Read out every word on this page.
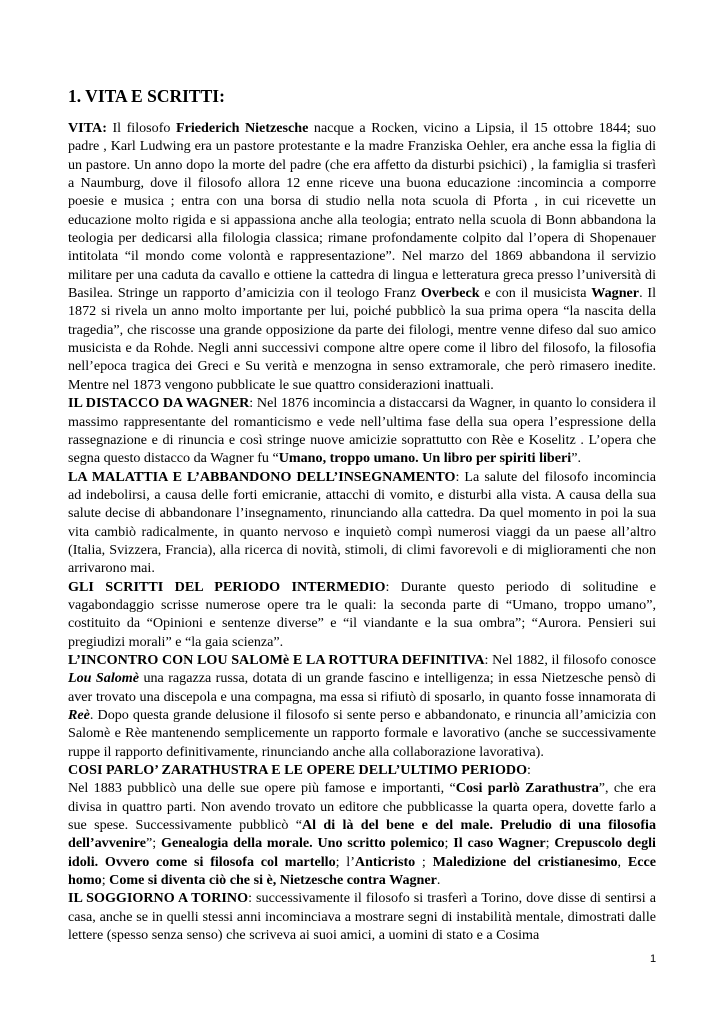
1. VITA E SCRITTI:

VITA: Il filosofo Friederich Nietzesche nacque a Rocken, vicino a Lipsia, il 15 ottobre 1844; suo padre , Karl Ludwing era un pastore protestante e la madre Franziska Oehler, era anche essa la figlia di un pastore. Un anno dopo la morte del padre (che era affetto da disturbi psichici) , la famiglia si trasferì a Naumburg, dove il filosofo allora 12 enne riceve una buona educazione :incomincia a comporre poesie e musica ; entra con una borsa di studio nella nota scuola di Pforta , in cui ricevette un educazione molto rigida e si appassiona anche alla teologia; entrato nella scuola di Bonn abbandona la teologia per dedicarsi alla filologia classica; rimane profondamente colpito dal l’opera di Shopenauer intitolata “il mondo come volontà e rappresentazione”. Nel marzo del 1869 abbandona il servizio militare per una caduta da cavallo e ottiene la cattedra di lingua e letteratura greca presso l’università di Basilea. Stringe un rapporto d’amicizia con il teologo Franz Overbeck e con il musicista Wagner. Il 1872 si rivela un anno molto importante per lui, poiché pubblicò la sua prima opera “la nascita della tragedia”, che riscosse una grande opposizione da parte dei filologi, mentre venne difeso dal suo amico musicista e da Rohde. Negli anni successivi compone altre opere come il libro del filosofo, la filosofia nell’epoca tragica dei Greci e Su verità e menzogna in senso extramorale, che però rimasero inedite. Mentre nel 1873 vengono pubblicate le sue quattro considerazioni inattuali.

IL DISTACCO DA WAGNER: Nel 1876 incomincia a distaccarsi da Wagner, in quanto lo considera il massimo rappresentante del romanticismo e vede nell’ultima fase della sua opera l’espressione della rassegnazione e di rinuncia e così stringe nuove amicizie soprattutto con Rèe e Koselitz . L’opera che segna questo distacco da Wagner fu “Umano, troppo umano. Un libro per spiriti liberi”.

LA MALATTIA E L’ABBANDONO DELL’INSEGNAMENTO: La salute del filosofo incomincia ad indebolirsi, a causa delle forti emicranie, attacchi di vomito, e disturbi alla vista. A causa della sua salute decise di abbandonare l’insegnamento, rinunciando alla cattedra. Da quel momento in poi la sua vita cambiò radicalmente, in quanto nervoso e inquietò compì numerosi viaggi da un paese all’altro (Italia, Svizzera, Francia), alla ricerca di novità, stimoli, di climi favorevoli e di miglioramenti che non arrivarono mai.

GLI SCRITTI DEL PERIODO INTERMEDIO: Durante questo periodo di solitudine e vagabondaggio scrisse numerose opere tra le quali: la seconda parte di “Umano, troppo umano”, costituito da “Opinioni e sentenze diverse” e “il viandante e la sua ombra”; “Aurora. Pensieri sui pregiudizi morali” e “la gaia scienza”.

L’INCONTRO CON LOU SALOMè E LA ROTTURA DEFINITIVA: Nel 1882, il filosofo conosce Lou Salomè una ragazza russa, dotata di un grande fascino e intelligenza; in essa Nietzesche pensò di aver trovato una discepola e una compagna, ma essa si rifiutò di sposarlo, in quanto fosse innamorata di Reè. Dopo questa grande delusione il filosofo si sente perso e abbandonato, e rinuncia all’amicizia con Salomè e Rèe mantenendo semplicemente un rapporto formale e lavorativo (anche se successivamente ruppe il rapporto definitivamente, rinunciando anche alla collaborazione lavorativa).

COSI PARLO’ ZARATHUSTRA E LE OPERE DELL’ULTIMO PERIODO:

Nel 1883 pubblicò una delle sue opere più famose e importanti, “Cosi parlò Zarathustra”, che era divisa in quattro parti. Non avendo trovato un editore che pubblicasse la quarta opera, dovette farlo a sue spese. Successivamente pubblicò “Al di là del bene e del male. Preludio di una filosofia dell’avvenire”; Genealogia della morale. Uno scritto polemico; Il caso Wagner; Crepuscolo degli idoli. Ovvero come si filosofa col martello; l’Anticristo ; Maledizione del cristianesimo, Ecce homo; Come si diventa ciò che si è, Nietzesche contra Wagner.

IL SOGGIORNO A TORINO: successivamente il filosofo si trasferì a Torino, dove disse di sentirsi a casa, anche se in quelli stessi anni incominciava a mostrare segni di instabilità mentale, dimostrati dalle lettere (spesso senza senso) che scriveva ai suoi amici, a uomini di stato e a Cosima

1
